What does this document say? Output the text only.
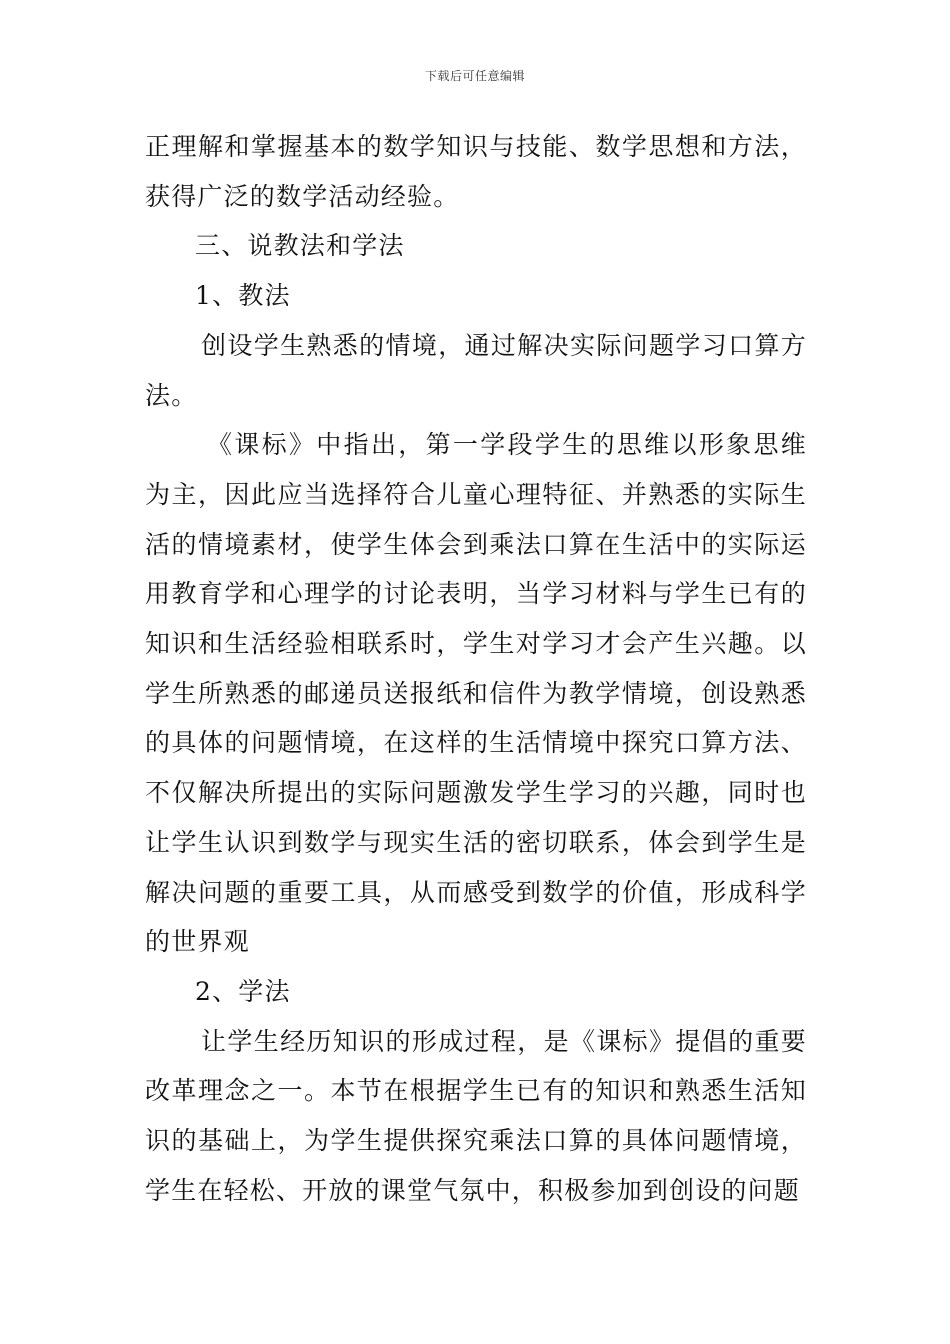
下载后可任意编辑

正理解和掌握基本的数学知识与技能、数学思想和方法，获得广泛的数学活动经验。

三、说教法和学法

1、教法

创设学生熟悉的情境，通过解决实际问题学习口算方法。

《课标》中指出，第一学段学生的思维以形象思维为主，因此应当选择符合儿童心理特征、并熟悉的实际生活的情境素材，使学生体会到乘法口算在生活中的实际运用教育学和心理学的讨论表明，当学习材料与学生已有的知识和生活经验相联系时，学生对学习才会产生兴趣。以学生所熟悉的邮递员送报纸和信件为教学情境，创设熟悉的具体的问题情境，在这样的生活情境中探究口算方法、不仅解决所提出的实际问题激发学生学习的兴趣，同时也让学生认识到数学与现实生活的密切联系，体会到学生是解决问题的重要工具，从而感受到数学的价值，形成科学的世界观

2、学法

让学生经历知识的形成过程，是《课标》提倡的重要改革理念之一。本节在根据学生已有的知识和熟悉生活知识的基础上，为学生提供探究乘法口算的具体问题情境，学生在轻松、开放的课堂气氛中，积极参加到创设的问题
